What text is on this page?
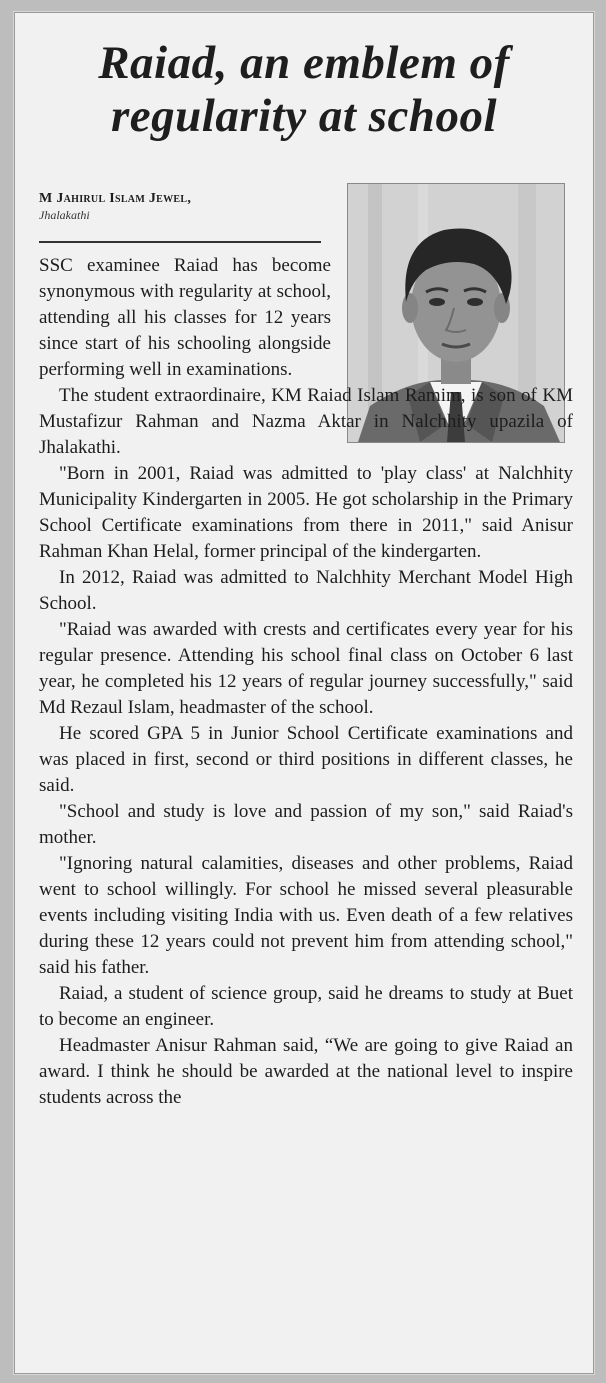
Raiad, an emblem of
regularity at school
M Jahirul Islam Jewel,
Jhalakathi

SSC examinee Raiad has become synonymous with regularity at school, attending all his classes for 12 years since start of his schooling alongside performing well in examinations.

The student extraordinaire, KM Raiad Islam Ramim, is son of KM Mustafizur Rahman and Nazma Aktar in Nalchhity upazila of Jhalakathi.

"Born in 2001, Raiad was admitted to 'play class' at Nalchhity Municipality Kindergarten in 2005. He got scholarship in the Primary School Certificate examinations from there in 2011," said Anisur Rahman Khan Helal, former principal of the kindergarten.

In 2012, Raiad was admitted to Nalchhity Merchant Model High School.

"Raiad was awarded with crests and certificates every year for his regular presence. Attending his school final class on October 6 last year, he completed his 12 years of regular journey successfully," said Md Rezaul Islam, headmaster of the school.

He scored GPA 5 in Junior School Certificate examinations and was placed in first, second or third positions in different classes, he said.

"School and study is love and passion of my son," said Raiad's mother.

"Ignoring natural calamities, diseases and other problems, Raiad went to school willingly. For school he missed several pleasurable events including visiting India with us. Even death of a few relatives during these 12 years could not prevent him from attending school," said his father.

Raiad, a student of science group, said he dreams to study at Buet to become an engineer.

Headmaster Anisur Rahman said, “We are going to give Raiad an award. I think he should be awarded at the national level to inspire students across the
